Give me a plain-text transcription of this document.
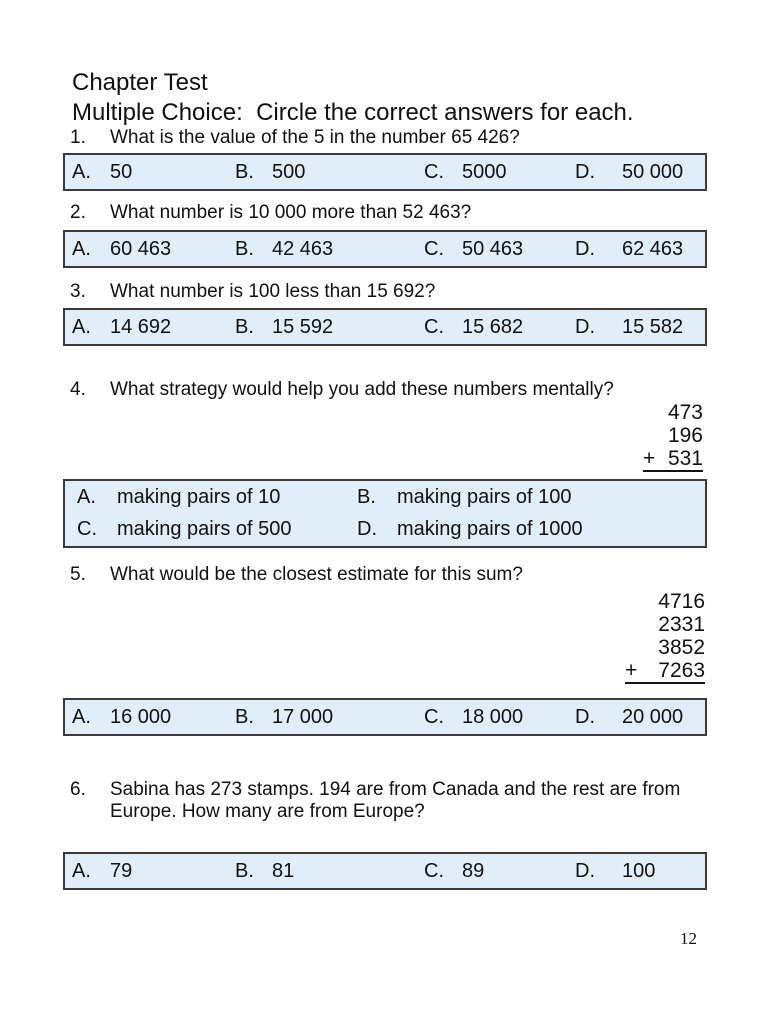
Chapter Test
Multiple Choice:  Circle the correct answers for each.
1.	What is the value of the 5 in the number 65 426?
A. 50	B. 500	C. 5000	D. 50 000
2.	What number is 10 000 more than 52 463?
A. 60 463	B. 42 463	C. 50 463	D. 62 463
3.	What number is 100 less than 15 692?
A. 14 692	B. 15 592	C. 15 682	D. 15 582
4.	What strategy would help you add these numbers mentally?
473
196
+ 531
A. making pairs of 10	B. making pairs of 100
C. making pairs of 500	D. making pairs of 1000
5.	What would be the closest estimate for this sum?
4716
2331
3852
+ 7263
A. 16 000	B. 17 000	C. 18 000	D. 20 000
6.	Sabina has 273 stamps. 194 are from Canada and the rest are from Europe. How many are from Europe?
A. 79	B. 81	C. 89	D. 100
12
